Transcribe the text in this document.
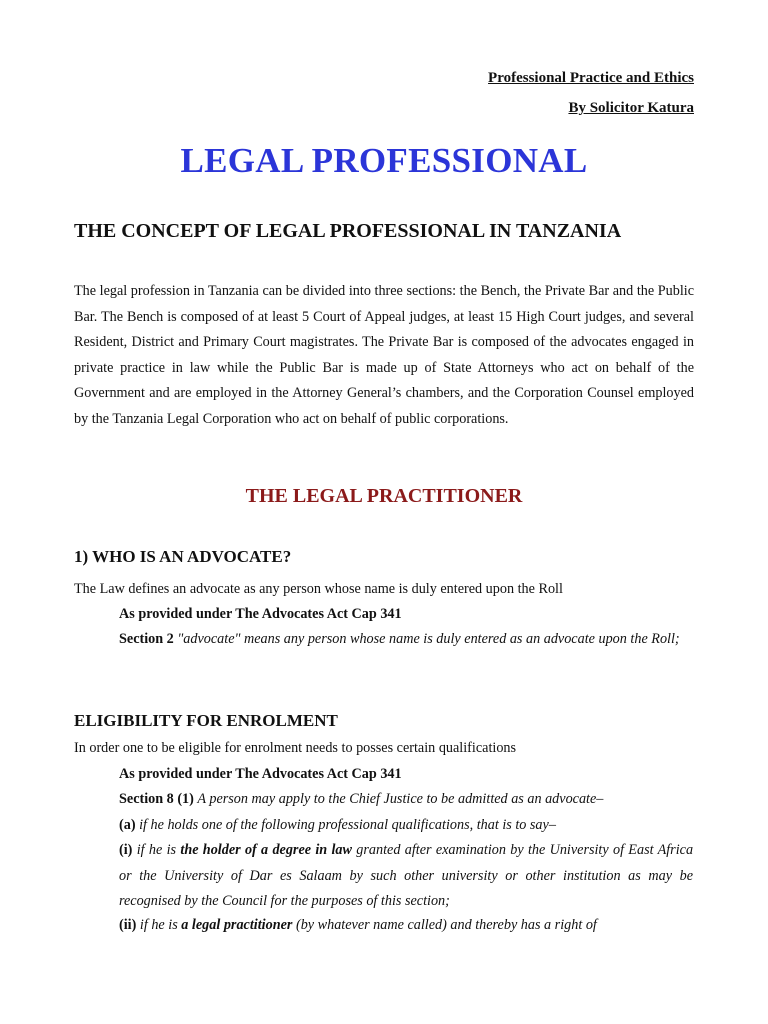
Professional Practice and Ethics
By Solicitor Katura
LEGAL PROFESSIONAL
THE CONCEPT OF LEGAL PROFESSIONAL IN TANZANIA
The legal profession in Tanzania can be divided into three sections: the Bench, the Private Bar and the Public Bar. The Bench is composed of at least 5 Court of Appeal judges, at least 15 High Court judges, and several Resident, District and Primary Court magistrates. The Private Bar is composed of the advocates engaged in private practice in law while the Public Bar is made up of State Attorneys who act on behalf of the Government and are employed in the Attorney General’s chambers, and the Corporation Counsel employed by the Tanzania Legal Corporation who act on behalf of public corporations.
THE LEGAL PRACTITIONER
1) WHO IS AN ADVOCATE?
The Law defines an advocate as any person whose name is duly entered upon the Roll
As provided under The Advocates Act Cap 341
Section 2 "advocate" means any person whose name is duly entered as an advocate upon the Roll;
ELIGIBILITY FOR ENROLMENT
In order one to be eligible for enrolment needs to posses certain qualifications
As provided under The Advocates Act Cap 341
Section 8 (1) A person may apply to the Chief Justice to be admitted as an advocate–
(a) if he holds one of the following professional qualifications, that is to say–
(i) if he is the holder of a degree in law granted after examination by the University of East Africa or the University of Dar es Salaam by such other university or other institution as may be recognised by the Council for the purposes of this section;
(ii) if he is a legal practitioner (by whatever name called) and thereby has a right of
